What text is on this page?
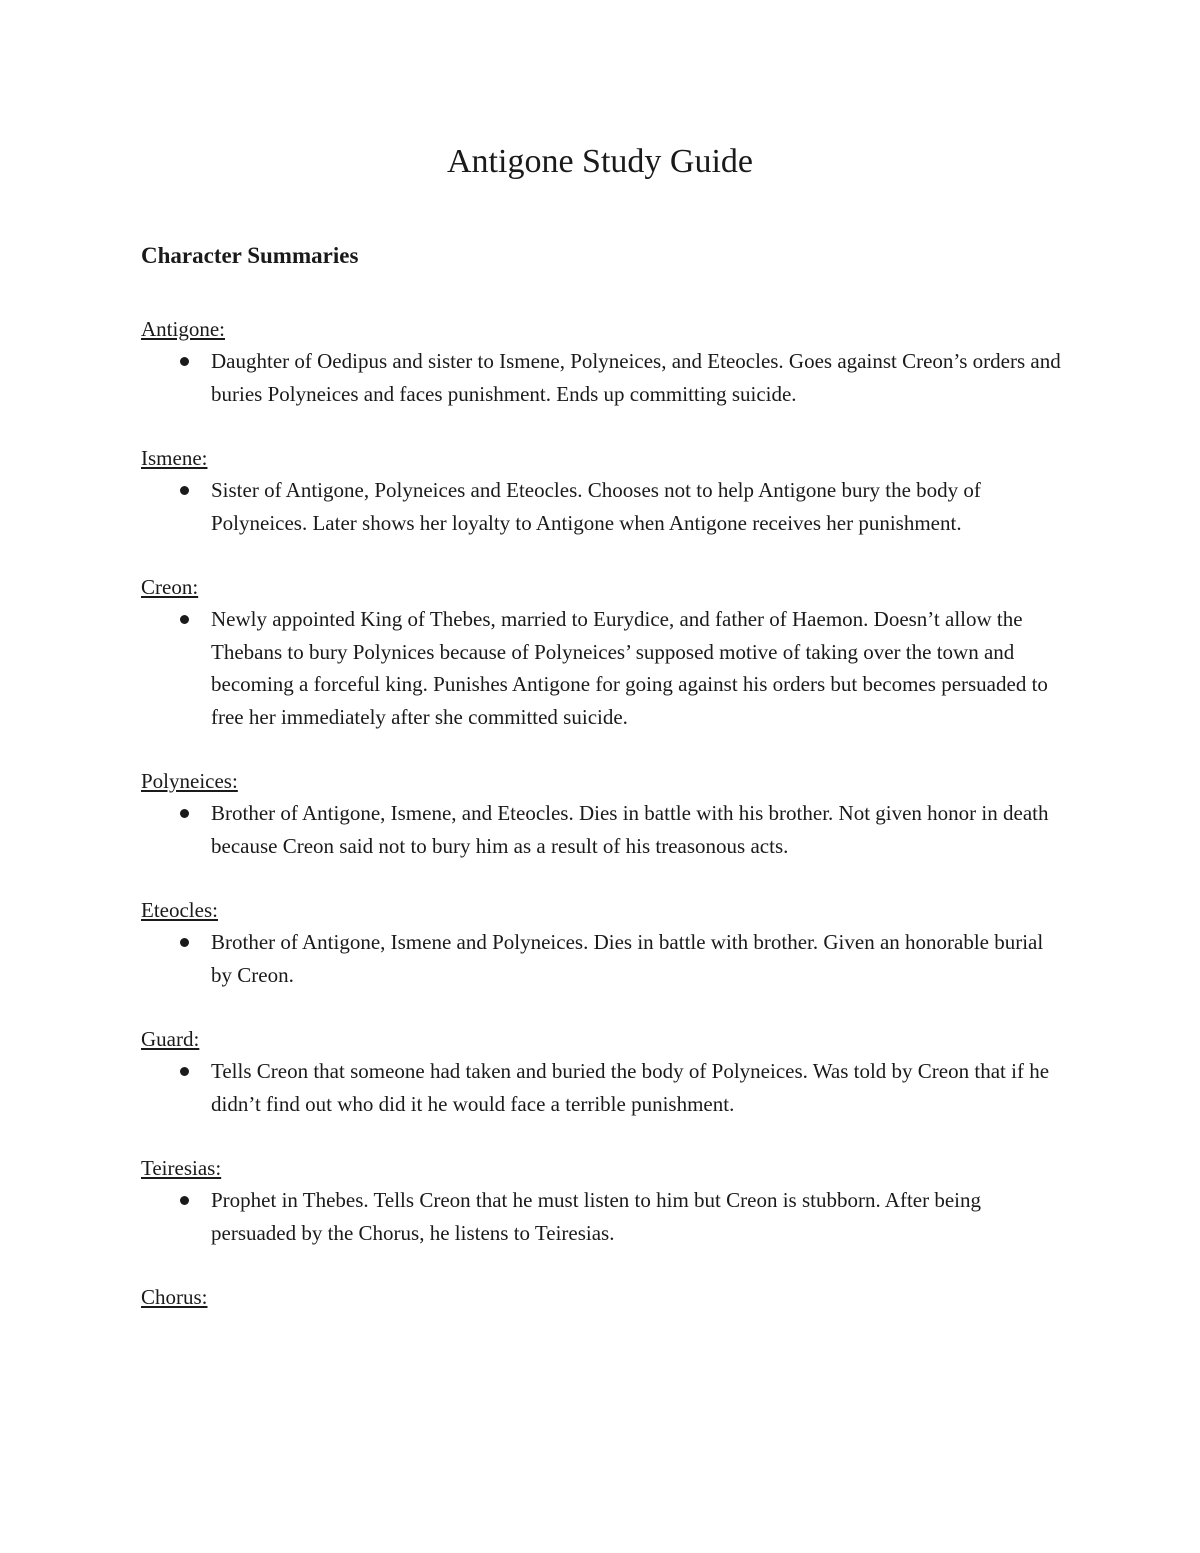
Antigone Study Guide
Character Summaries
Antigone:
Daughter of Oedipus and sister to Ismene, Polyneices, and Eteocles. Goes against Creon’s orders and buries Polyneices and faces punishment. Ends up committing suicide.
Ismene:
Sister of Antigone, Polyneices and Eteocles. Chooses not to help Antigone bury the body of Polyneices. Later shows her loyalty to Antigone when Antigone receives her punishment.
Creon:
Newly appointed King of Thebes, married to Eurydice, and father of Haemon. Doesn’t allow the Thebans to bury Polynices because of Polyneices’ supposed motive of taking over the town and becoming a forceful king. Punishes Antigone for going against his orders but becomes persuaded to free her immediately after she committed suicide.
Polyneices:
Brother of Antigone, Ismene, and Eteocles. Dies in battle with his brother. Not given honor in death because Creon said not to bury him as a result of his treasonous acts.
Eteocles:
Brother of Antigone, Ismene and Polyneices. Dies in battle with brother. Given an honorable burial by Creon.
Guard:
Tells Creon that someone had taken and buried the body of Polyneices. Was told by Creon that if he didn’t find out who did it he would face a terrible punishment.
Teiresias:
Prophet in Thebes. Tells Creon that he must listen to him but Creon is stubborn. After being persuaded by the Chorus, he listens to Teiresias.
Chorus:
